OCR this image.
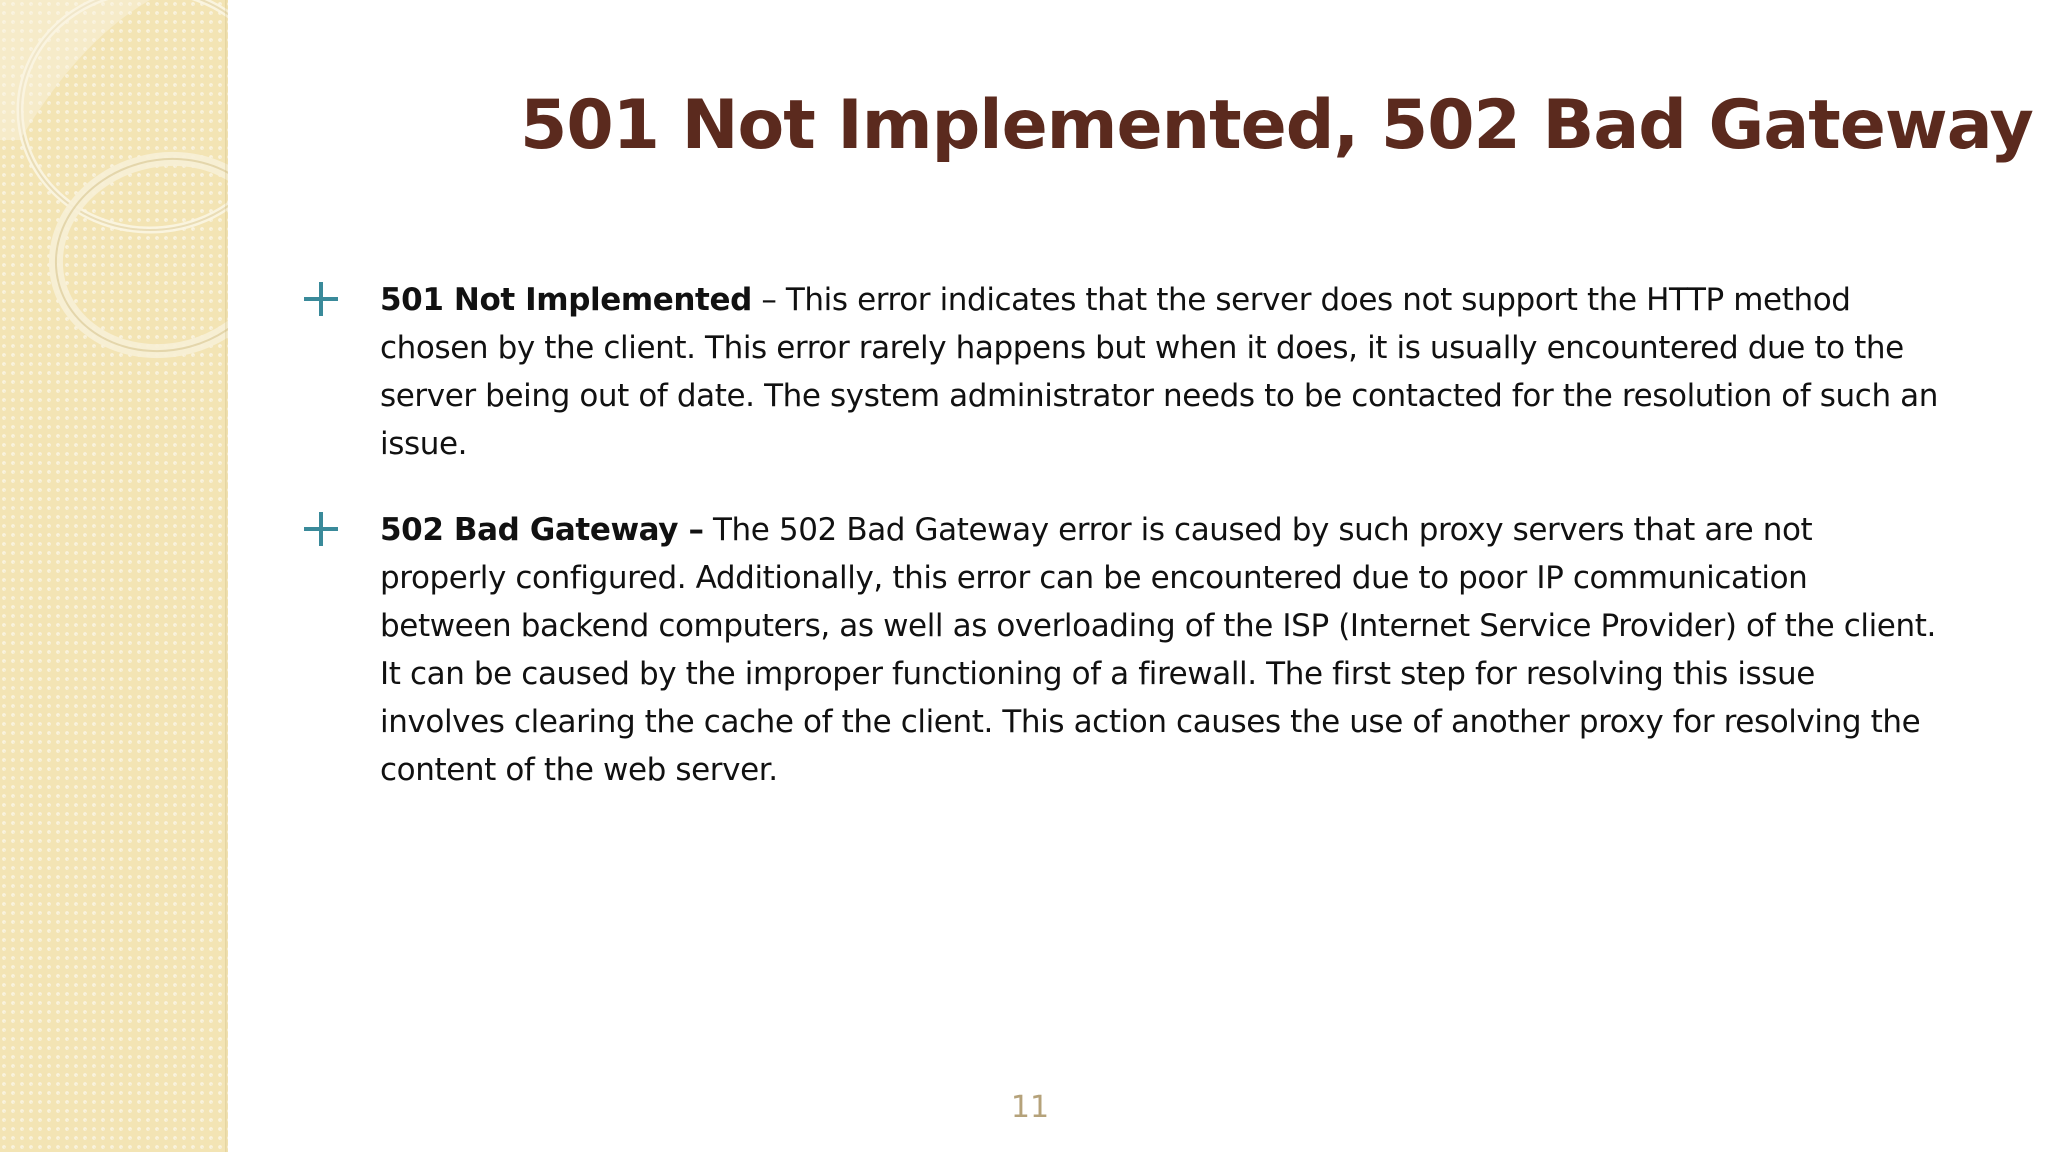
501 Not Implemented, 502 Bad Gateway
501 Not Implemented – This error indicates that the server does not support the HTTP method chosen by the client. This error rarely happens but when it does, it is usually encountered due to the server being out of date. The system administrator needs to be contacted for the resolution of such an issue.
502 Bad Gateway – The 502 Bad Gateway error is caused by such proxy servers that are not properly configured. Additionally, this error can be encountered due to poor IP communication between backend computers, as well as overloading of the ISP (Internet Service Provider) of the client. It can be caused by the improper functioning of a firewall. The first step for resolving this issue involves clearing the cache of the client. This action causes the use of another proxy for resolving the content of the web server.
11
